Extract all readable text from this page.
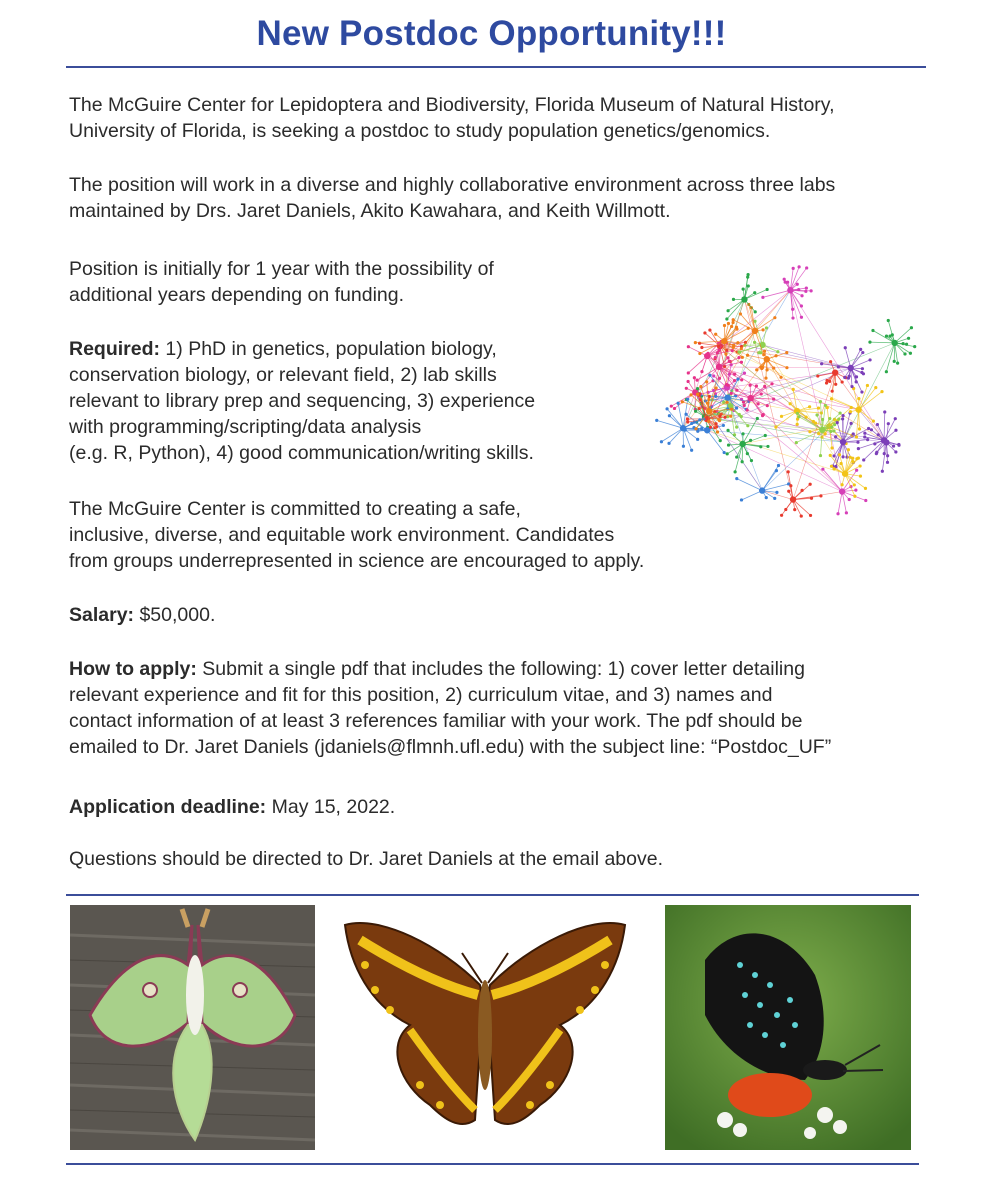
New Postdoc Opportunity!!!
The McGuire Center for Lepidoptera and Biodiversity, Florida Museum of Natural History,
University of Florida, is seeking a postdoc to study population genetics/genomics.
The position will work in a diverse and highly collaborative environment across three labs
maintained by Drs. Jaret Daniels, Akito Kawahara, and Keith Willmott.
Position is initially for 1 year with the possibility of
additional years depending on funding.
Required: 1) PhD in genetics, population biology,
conservation biology, or relevant field, 2) lab skills
relevant to library prep and sequencing, 3) experience
with programming/scripting/data analysis
(e.g. R, Python), 4) good communication/writing skills.
The McGuire Center is committed to creating a safe,
inclusive, diverse, and equitable work environment. Candidates
from groups underrepresented in science are encouraged to apply.
Salary: $50,000.
How to apply: Submit a single pdf that includes the following: 1) cover letter detailing
relevant experience and fit for this position, 2) curriculum vitae, and 3) names and
contact information of at least 3 references familiar with your work. The pdf should be
emailed to Dr. Jaret Daniels (jdaniels@flmnh.ufl.edu) with the subject line: “Postdoc_UF”
Application deadline: May 15, 2022.
Questions should be directed to Dr. Jaret Daniels at the email above.
